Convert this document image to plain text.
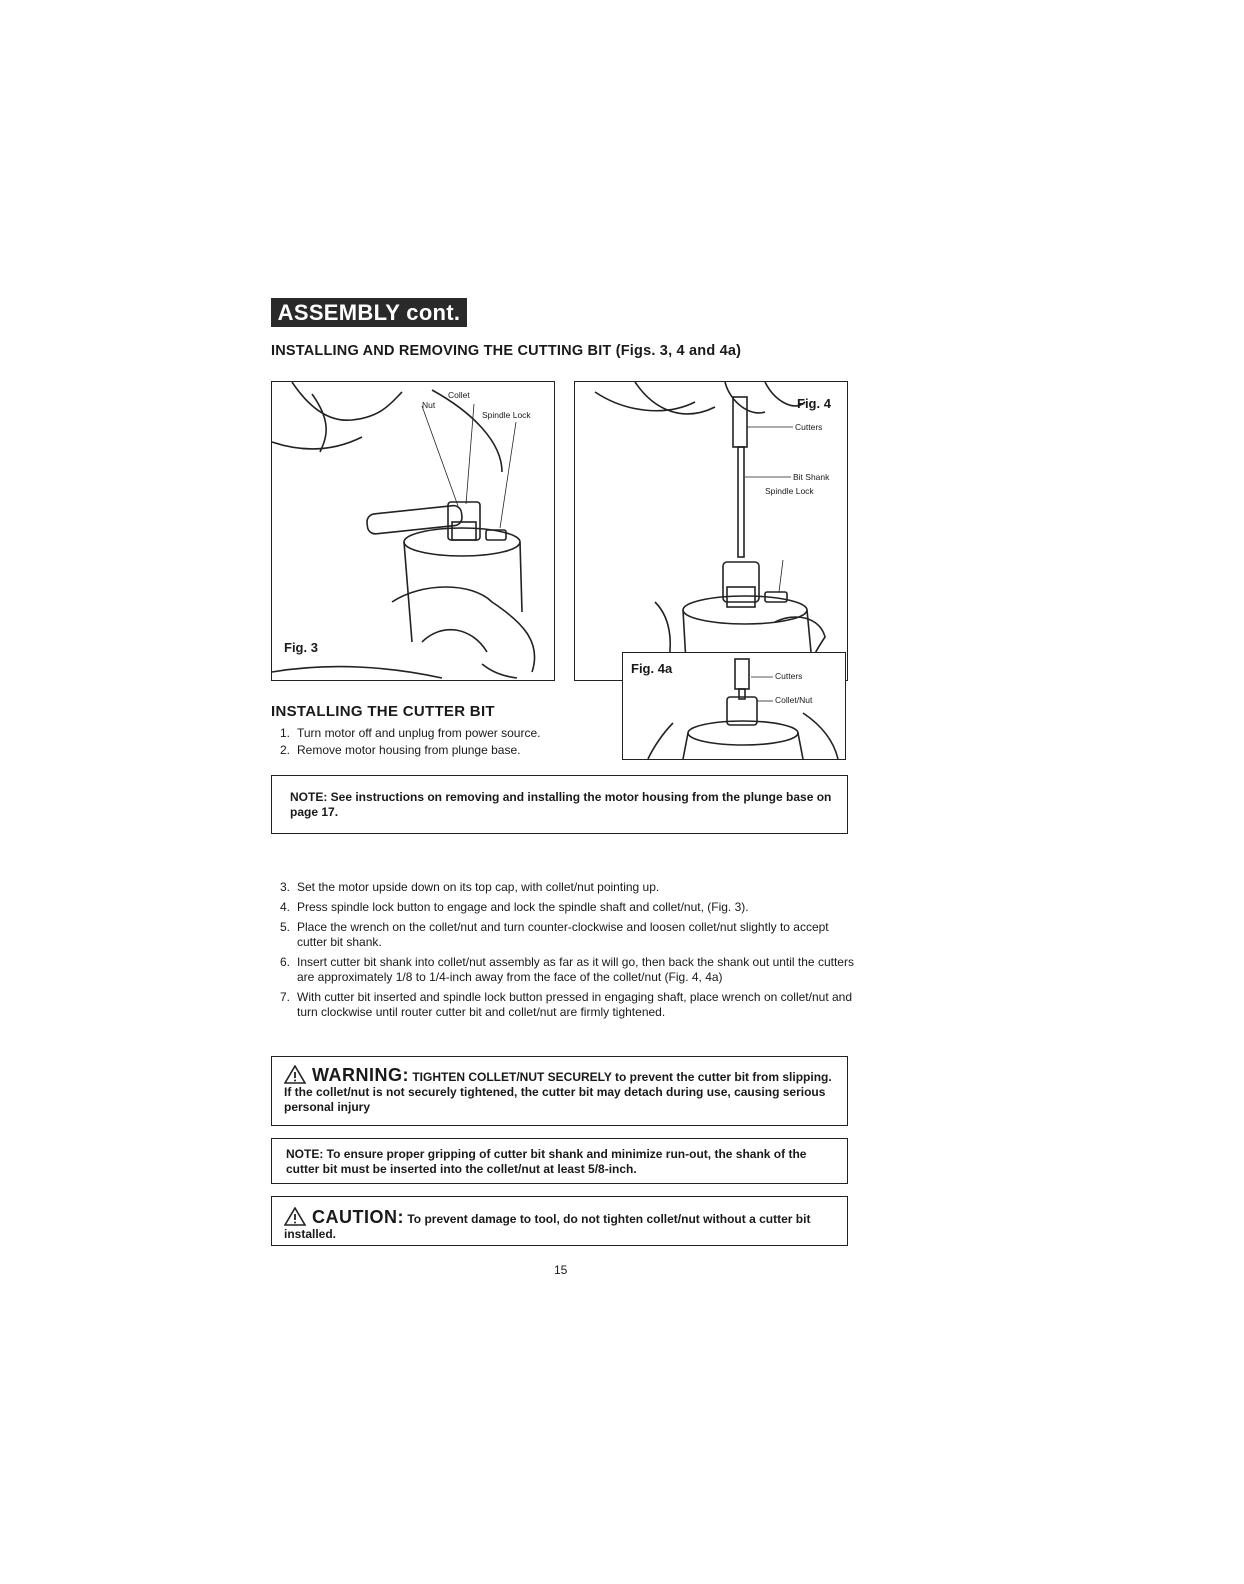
ASSEMBLY cont.
INSTALLING AND REMOVING THE CUTTING BIT (Figs. 3, 4 and 4a)
Nut
Collet
Spindle Lock
Fig. 3
Fig. 4
Cutters
Bit Shank
Spindle Lock
Fig. 4a	Cutters
Collet/Nut
INSTALLING THE CUTTER BIT
1. Turn motor off and unplug from power source.
2. Remove motor housing from plunge base.
NOTE: See instructions on removing and installing the motor housing from the plunge base on page 17.
3. Set the motor upside down on its top cap, with collet/nut pointing up.
4. Press spindle lock button to engage and lock the spindle shaft and collet/nut, (Fig. 3).
5. Place the wrench on the collet/nut and turn counter-clockwise and loosen collet/nut slightly to accept cutter bit shank.
6. Insert cutter bit shank into collet/nut assembly as far as it will go, then back the shank out until the cutters are approximately 1/8 to 1/4-inch away from the face of the collet/nut (Fig. 4, 4a)
7. With cutter bit inserted and spindle lock button pressed in engaging shaft, place wrench on collet/nut and turn clockwise until router cutter bit and collet/nut are firmly tightened.
WARNING: TIGHTEN COLLET/NUT SECURELY to prevent the cutter bit from slipping. If the collet/nut is not securely tightened, the cutter bit may detach during use, causing serious personal injury
NOTE: To ensure proper gripping of cutter bit shank and minimize run-out, the shank of the cutter bit must be inserted into the collet/nut at least 5/8-inch.
CAUTION: To prevent damage to tool, do not tighten collet/nut without a cutter bit installed.
15
